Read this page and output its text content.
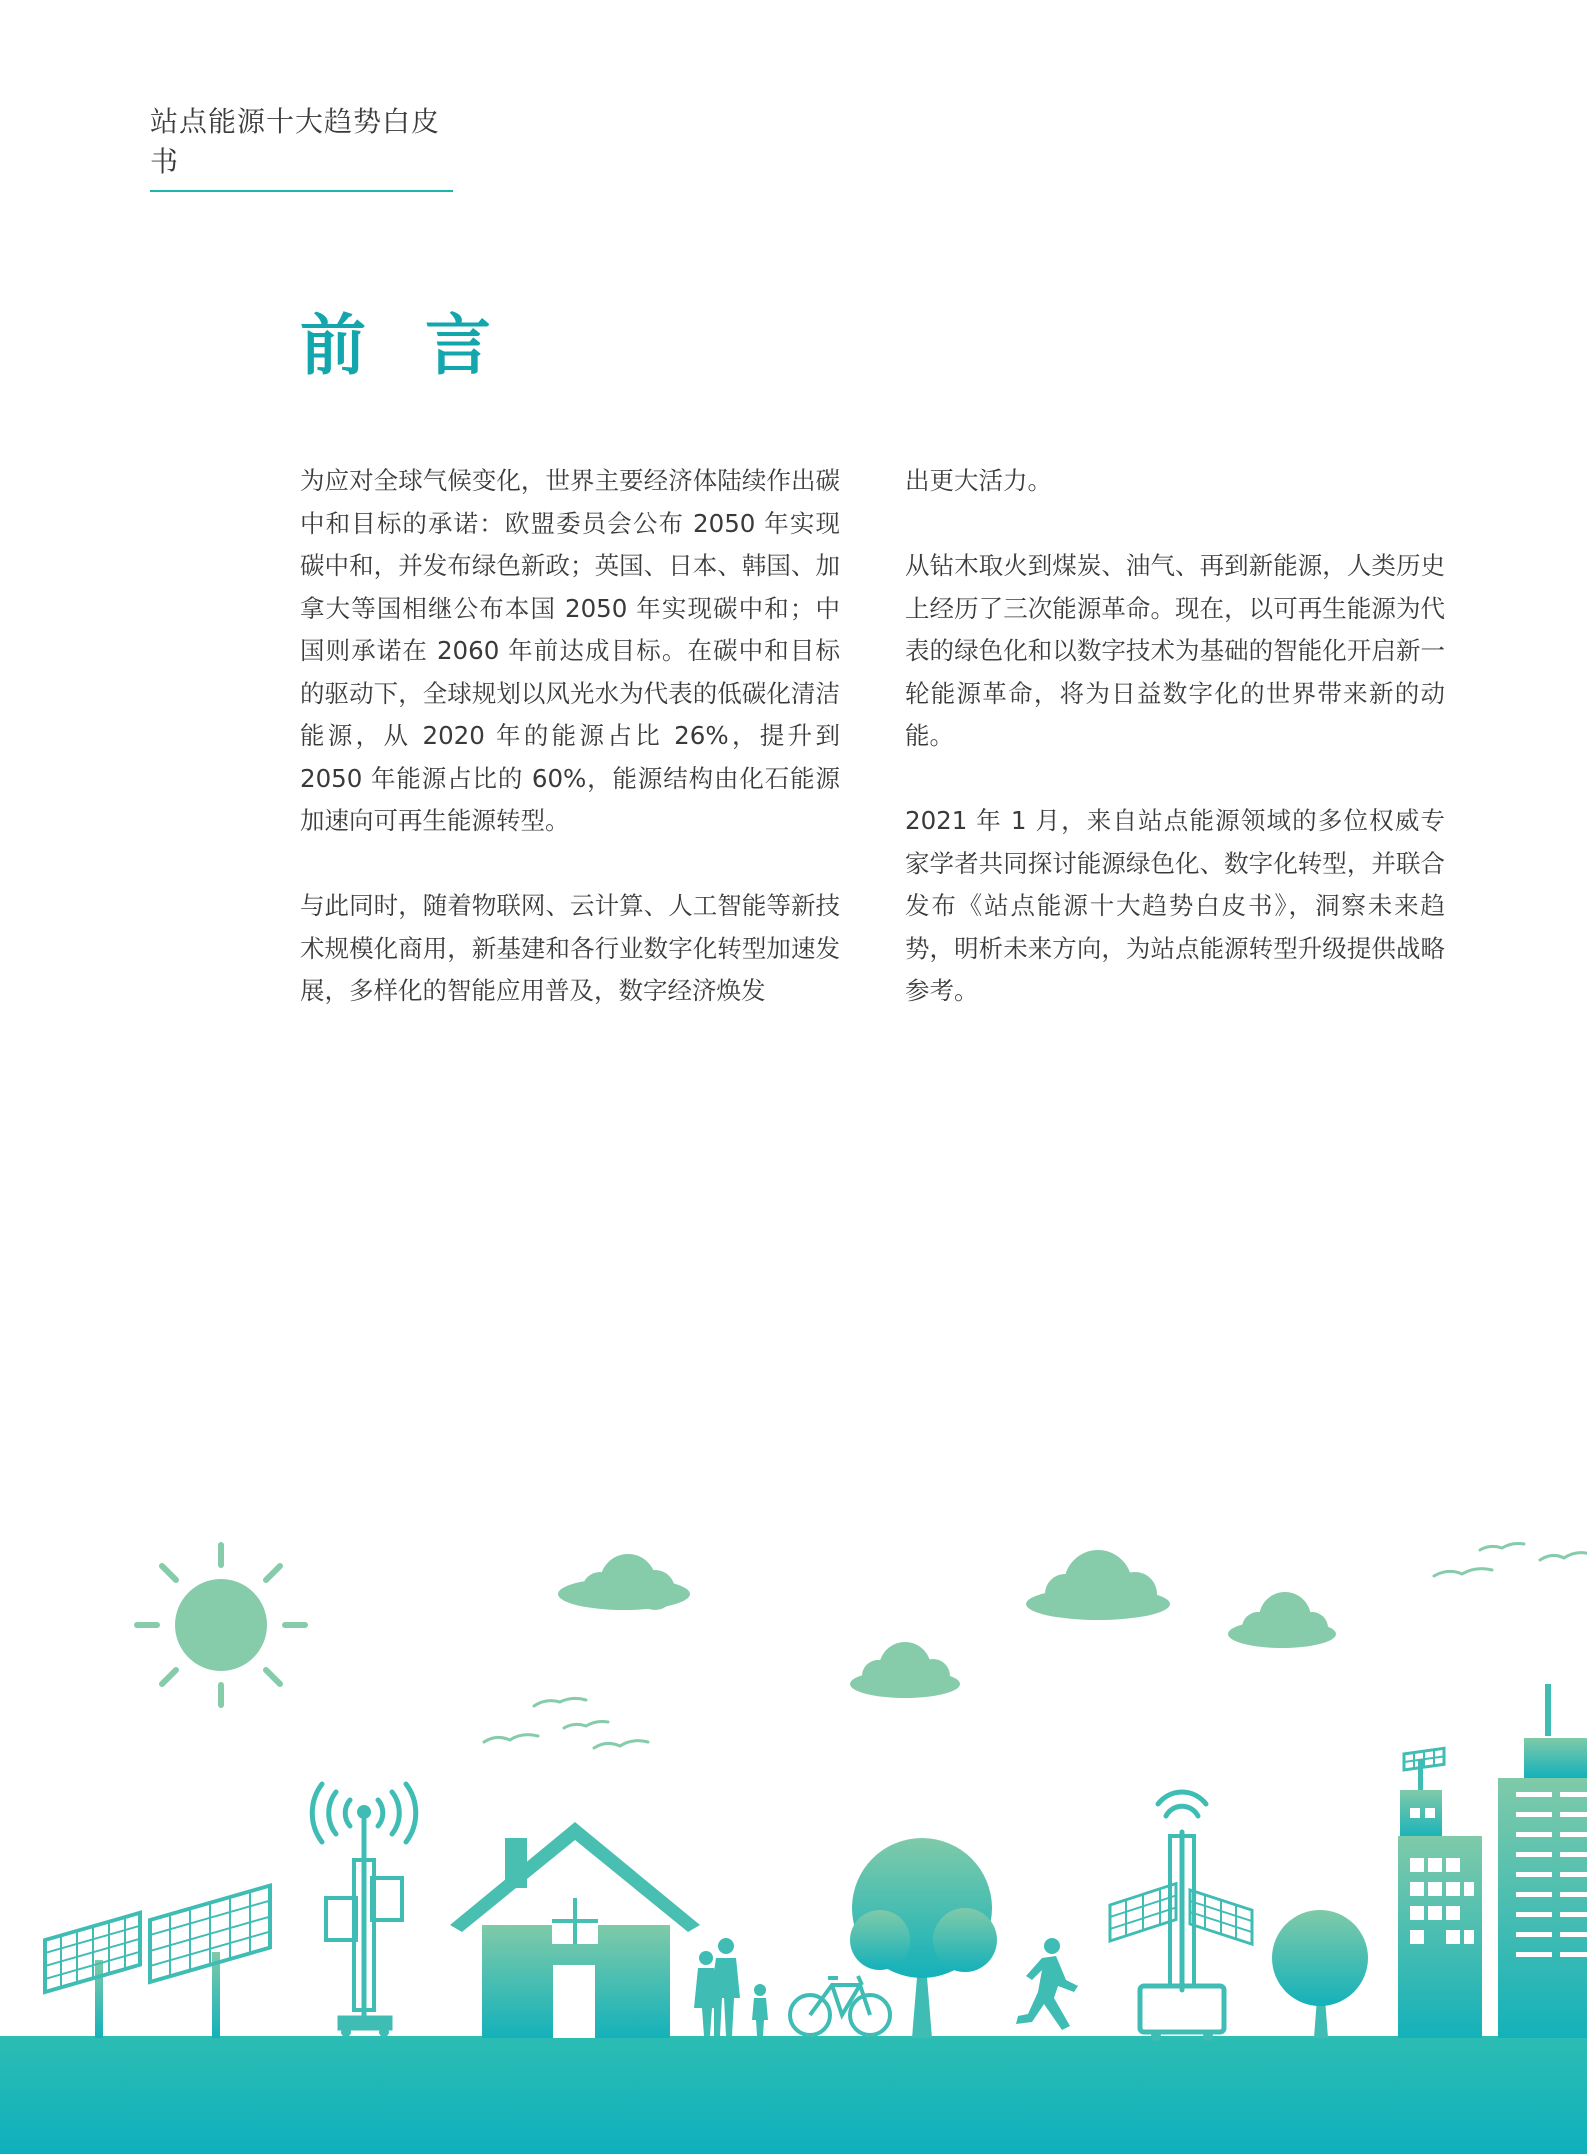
站点能源十大趋势白皮书
前 言

为应对全球气候变化，世界主要经济体陆续作出碳中和目标的承诺：欧盟委员会公布 2050 年实现碳中和，并发布绿色新政；英国、日本、韩国、加拿大等国相继公布本国 2050 年实现碳中和；中国则承诺在 2060 年前达成目标。在碳中和目标的驱动下，全球规划以风光水为代表的低碳化清洁能源，从 2020 年的能源占比 26%，提升到 2050 年能源占比的 60%，能源结构由化石能源加速向可再生能源转型。

与此同时，随着物联网、云计算、人工智能等新技术规模化商用，新基建和各行业数字化转型加速发展，多样化的智能应用普及，数字经济焕发

出更大活力。

从钻木取火到煤炭、油气、再到新能源，人类历史上经历了三次能源革命。现在，以可再生能源为代表的绿色化和以数字技术为基础的智能化开启新一轮能源革命，将为日益数字化的世界带来新的动能。

2021 年 1 月，来自站点能源领域的多位权威专家学者共同探讨能源绿色化、数字化转型，并联合发布《站点能源十大趋势白皮书》，洞察未来趋势，明析未来方向，为站点能源转型升级提供战略参考。
